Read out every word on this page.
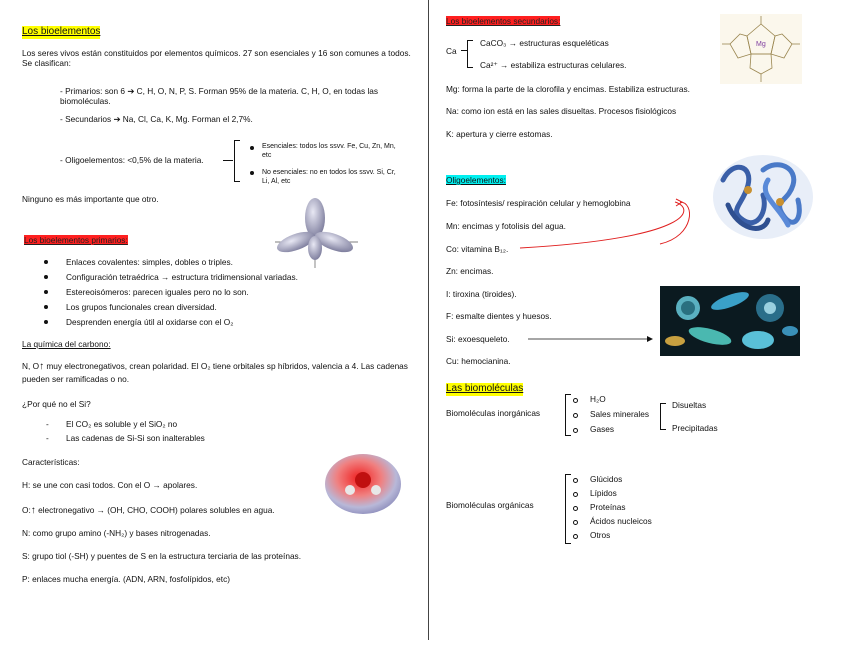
Los bioelementos
Los seres vivos están constituidos por elementos químicos. 27 son esenciales y 16 son comunes a todos. Se clasifican:
- Primarios: son 6 ➔ C, H, O, N, P, S. Forman 95% de la materia. C, H, O, en todas las biomoléculas.
- Secundarios ➔ Na, Cl, Ca, K, Mg. Forman el 2,7%.
- Oligoelementos: <0,5% de la materia.
Esenciales: todos los ssvv. Fe, Cu, Zn, Mn, etc
No esenciales: no en todos los ssvv. Si, Cr, Li, Al, etc
Ninguno es más importante que otro.
Los bioelementos primarios:
Enlaces covalentes: simples, dobles o triples.
Configuración tetraédrica → estructura tridimensional variadas.
Estereoisómeros: parecen iguales pero no lo son.
Los grupos funcionales crean diversidad.
Desprenden energía útil al oxidarse con el O₂
La química del carbono:
N, O↑ muy electronegativos, crean polaridad. El O₂ tiene orbitales sp híbridos, valencia a 4. Las cadenas pueden ser ramificadas o no.
¿Por qué no el Si?
- El CO₂ es soluble y el SiO₂ no
- Las cadenas de Si-Si son inalterables
Características:
H: se une con casi todos. Con el O → apolares.
O:↑ electronegativo → (OH, CHO, COOH) polares solubles en agua.
N: como grupo amino (-NH₂) y bases nitrogenadas.
S: grupo tiol (-SH) y puentes de S en la estructura terciaria de las proteínas.
P: enlaces mucha energía. (ADN, ARN, fosfolípidos, etc)
Los bioelementos secundarios:
Mg
Ca
CaCO₃ → estructuras esqueléticas
Ca²⁺ → estabiliza estructuras celulares.
Mg: forma la parte de la clorofila y encimas. Estabiliza estructuras.
Na: como ion está en las sales disueltas. Procesos fisiológicos
K: apertura y cierre estomas.
Oligoelementos:
Fe: fotosíntesis/ respiración celular y hemoglobina
Mn: encimas y fotolisis del agua.
Co: vitamina B₁₂.
Zn: encimas.
I: tiroxina (tiroides).
F: esmalte dientes y huesos.
Si: exoesqueleto.
Cu: hemocianina.
Las biomoléculas
Biomoléculas inorgánicas
H₂O
Sales minerales
Gases
Disueltas
Precipitadas
Biomoléculas orgánicas
Glúcidos
Lípidos
Proteínas
Ácidos nucleicos
Otros
